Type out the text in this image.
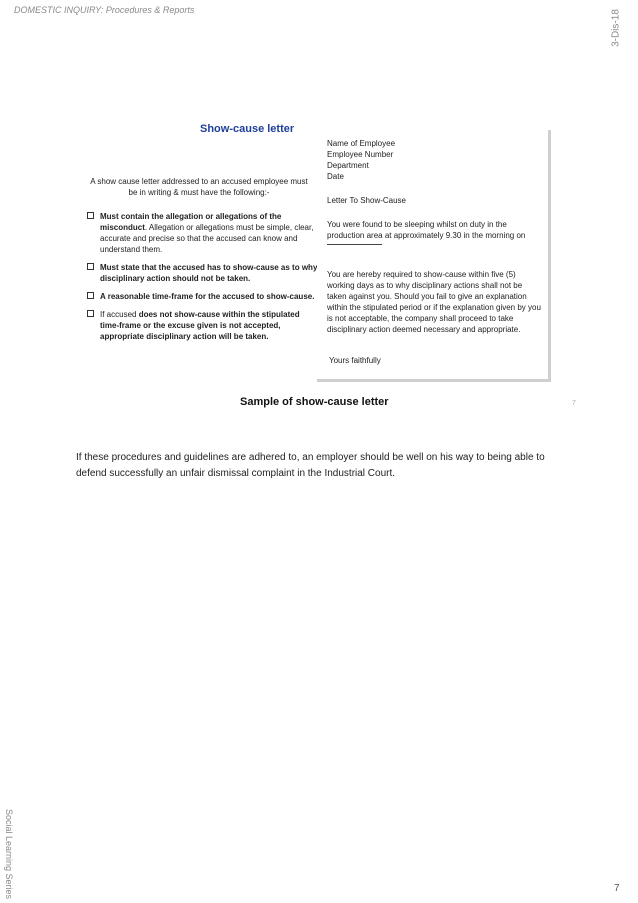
DOMESTIC INQUIRY: Procedures & Reports	3-Dis-18
Social Learning Series
Show-cause letter
A show cause letter addressed to an accused employee must be in writing & must have the following:-
Must contain the allegation or allegations of the misconduct. Allegation or allegations must be simple, clear, accurate and precise so that the accused can know and understand them.
Must state that the accused has to show-cause as to why disciplinary action should not be taken.
A reasonable time-frame for the accused to show-cause.
If accused does not show-cause within the stipulated time-frame or the excuse given is not accepted, appropriate disciplinary action will be taken.
Name of Employee
Employee Number
Department
Date
Letter To Show-Cause
You were found to be sleeping whilst on duty in the production area at approximately 9.30 in the morning on
You are hereby required to show-cause within five (5) working days as to why disciplinary actions shall not be taken against you. Should you fail to give an explanation within the stipulated period or if the explanation given by you is not acceptable, the company shall proceed to take disciplinary action deemed necessary and appropriate.
Yours faithfully
Sample of show-cause letter	7

If these procedures and guidelines are adhered to, an employer should be well on his way to being able to defend successfully an unfair dismissal complaint in the Industrial Court.

7
